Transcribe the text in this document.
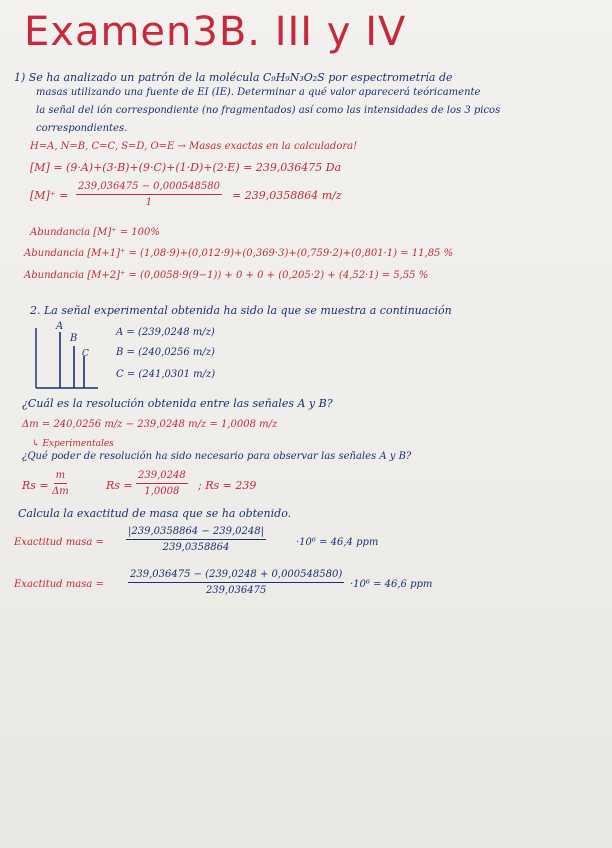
Examen3B. III y IV
1) Se ha analizado un patrón de la molécula C₉H₉N₃O₂S por espectrometría de
masas utilizando una fuente de EI (IE). Determinar a qué valor aparecerá teóricamente
la señal del ión correspondiente (no fragmentados) así como las intensidades de los 3 picos
correspondientes.
H=A, N=B, C=C, S=D, O=E → Masas exactas en la calculadora!
[M] = (9·A)+(3·B)+(9·C)+(1·D)+(2·E) = 239,036475 Da
$[M]^+ = \frac{239,036475 - 0,000548580}{1} = 239,0358864$ m/z
Abundancia [M]⁺ = 100%
Abundancia [M+1]⁺ = (1,08·9)+(0,012·9)+(0,369·3)+(0,759·2)+(0,801·1) = 11,85 %
Abundancia [M+2]⁺ = (0,0058·9(9−1)) + 0 + 0 + (0,205·2) + (4,52·1) = 5,55 %
2. La señal experimental obtenida ha sido la que se muestra a continuación
A
B
C
A = (239,0248 m/z)
B = (240,0256 m/z)
C = (241,0301 m/z)
¿Cuál es la resolución obtenida entre las señales A y B?
Δm = 240,0256 m/z − 239,0248 m/z = 1,0008 m/z
↳ Experimentales
¿Qué poder de resolución ha sido necesario para observar las señales A y B?
$Rs = \frac{m}{\Delta m}$	$Rs = \frac{239,0248}{1,0008}$ ; Rs = 239
Calcula la exactitud de masa que se ha obtenido.
Exactitud masa = $\frac{|239,0358864 - 239,0248|}{239,0358864}$	·10⁶ = 46,4 ppm
Exactitud masa = $\frac{239,036475 - (239,0248 + 0,000548580)}{239,036475} \cdot 10^6 = 46,6$ ppm
